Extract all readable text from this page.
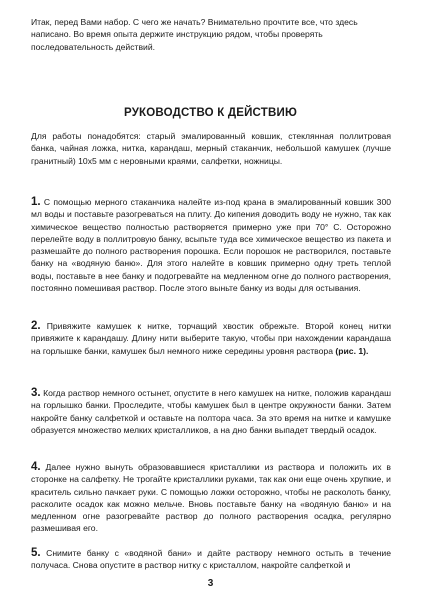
Итак, перед Вами набор. С чего же начать? Внимательно прочтите все, что здесь написано. Во время опыта держите инструкцию рядом, чтобы проверять последовательность действий.

РУКОВОДСТВО К ДЕЙСТВИЮ

Для работы понадобятся: старый эмалированный ковшик, стеклянная поллитровая банка, чайная ложка, нитка, карандаш, мерный стаканчик, небольшой камушек (лучше гранитный) 10x5 мм с неровными краями, салфетки, ножницы.

1. С помощью мерного стаканчика налейте из-под крана в эмалированный ковшик 300 мл воды и поставьте разогреваться на плиту. До кипения доводить воду не нужно, так как химическое вещество полностью растворяется примерно уже при 70° С. Осторожно перелейте воду в поллитровую банку, всыпьте туда все химическое вещество из пакета и размешайте до полного растворения порошка. Если порошок не растворился, поставьте банку на «водяную баню». Для этого налейте в ковшик примерно одну треть теплой воды, поставьте в нее банку и подогревайте на медленном огне до полного растворения, постоянно помешивая раствор. После этого выньте банку из воды для остывания.

2. Привяжите камушек к нитке, торчащий хвостик обрежьте. Второй конец нитки привяжите к карандашу. Длину нити выберите такую, чтобы при нахождении карандаша на горлышке банки, камушек был немного ниже середины уровня раствора (рис. 1).

3. Когда раствор немного остынет, опустите в него камушек на нитке, положив карандаш на горлышко банки. Проследите, чтобы камушек был в центре окружности банки. Затем накройте банку салфеткой и оставьте на полтора часа. За это время на нитке и камушке образуется множество мелких кристалликов, а на дно банки выпадет твердый осадок.

4. Далее нужно вынуть образовавшиеся кристаллики из раствора и положить их в сторонке на салфетку. Не трогайте кристаллики руками, так как они еще очень хрупкие, и краситель сильно пачкает руки. С помощью ложки осторожно, чтобы не расколоть банку, расколите осадок как можно мельче. Вновь поставьте банку на «водяную баню» и на медленном огне разогревайте раствор до полного растворения осадка, регулярно размешивая его.

5. Снимите банку с «водяной бани» и дайте раствору немного остыть в течение получаса. Снова опустите в раствор нитку с кристаллом, накройте салфеткой и

3
